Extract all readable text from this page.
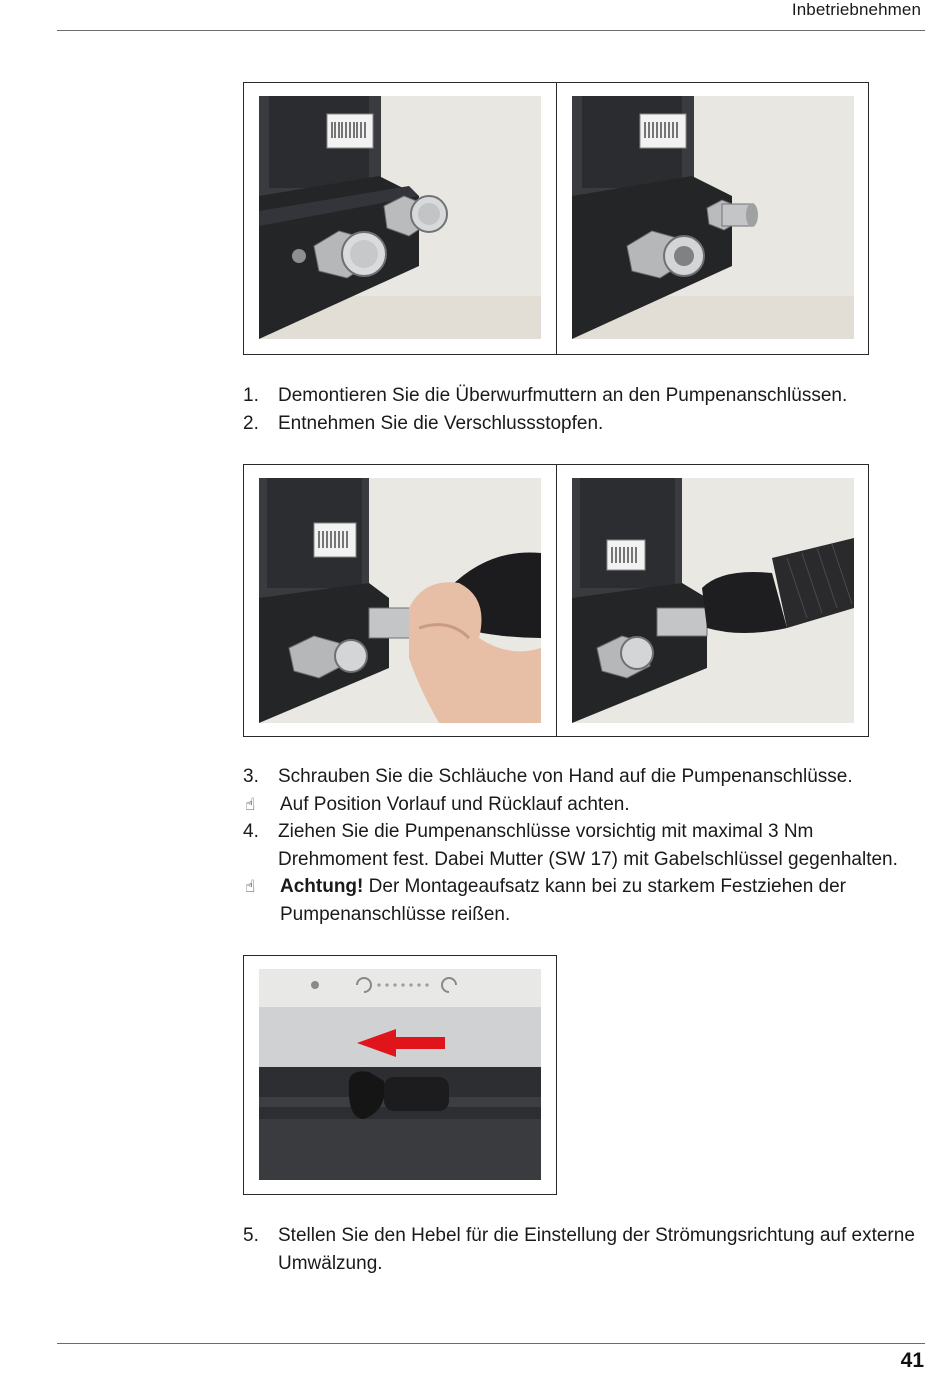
Inbetriebnehmen
1.	Demontieren Sie die Überwurfmuttern an den Pumpenanschlüssen.
2.	Entnehmen Sie die Verschlussstopfen.
3.	Schrauben Sie die Schläuche von Hand auf die Pumpenanschlüsse.
☝	Auf Position Vorlauf und Rücklauf achten.
4.	Ziehen Sie die Pumpenanschlüsse vorsichtig mit maximal 3 Nm
Drehmoment fest. Dabei Mutter (SW 17) mit Gabelschlüssel gegenhalten.
☝	Achtung! Der Montageaufsatz kann bei zu starkem Festziehen der
Pumpenanschlüsse reißen.
5.	Stellen Sie den Hebel für die Einstellung der Strömungsrichtung auf externe
Umwälzung.
41
